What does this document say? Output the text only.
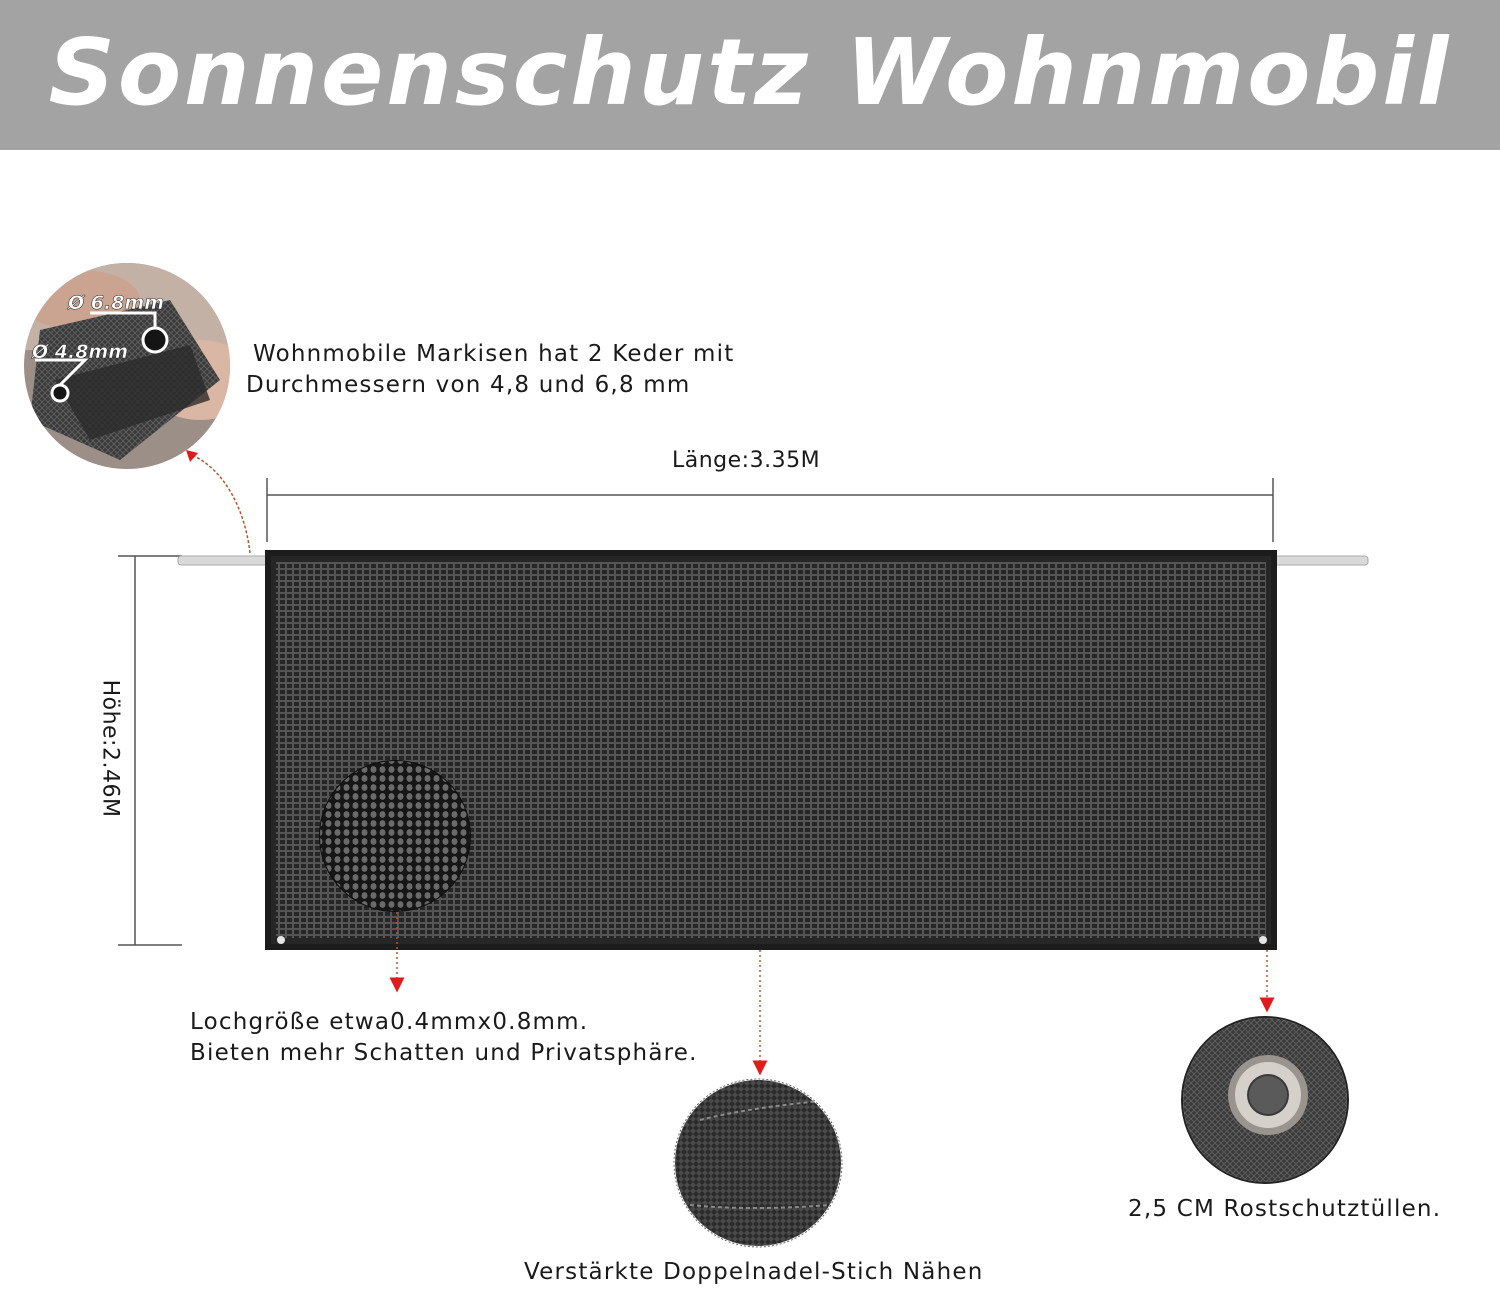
Sonnenschutz Wohnmobil
Ø 6.8mm
Ø 4.8mm	Wohnmobile Markisen hat 2 Keder mit
Durchmessern von 4,8 und 6,8 mm
Länge:3.35M
Höhe:2.46M
Lochgröße etwa0.4mmx0.8mm.
Bieten mehr Schatten und Privatsphäre.
Verstärkte Doppelnadel-Stich Nähen
2,5 CM Rostschutztüllen.
